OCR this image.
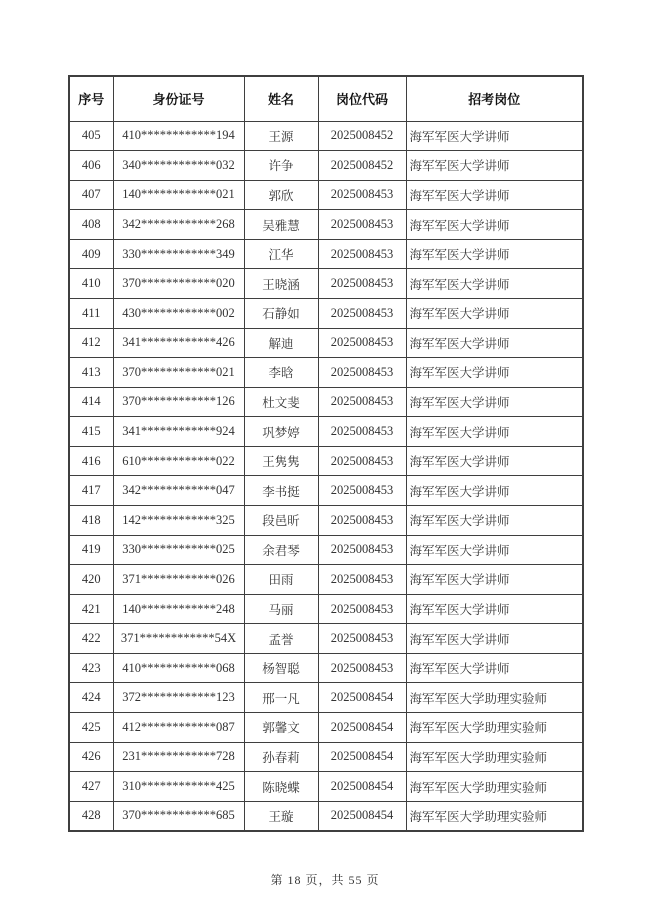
序号	身份证号	姓名	岗位代码	招考岗位
405	410************194	王源	2025008452	海军军医大学讲师
406	340************032	许争	2025008452	海军军医大学讲师
407	140************021	郭欣	2025008453	海军军医大学讲师
408	342************268	吴雅慧	2025008453	海军军医大学讲师
409	330************349	江华	2025008453	海军军医大学讲师
410	370************020	王晓涵	2025008453	海军军医大学讲师
411	430************002	石静如	2025008453	海军军医大学讲师
412	341************426	解迪	2025008453	海军军医大学讲师
413	370************021	李晗	2025008453	海军军医大学讲师
414	370************126	杜文斐	2025008453	海军军医大学讲师
415	341************924	巩梦婷	2025008453	海军军医大学讲师
416	610************022	王隽隽	2025008453	海军军医大学讲师
417	342************047	李书挺	2025008453	海军军医大学讲师
418	142************325	段邑昕	2025008453	海军军医大学讲师
419	330************025	余君琴	2025008453	海军军医大学讲师
420	371************026	田雨	2025008453	海军军医大学讲师
421	140************248	马丽	2025008453	海军军医大学讲师
422	371************54X	孟誉	2025008453	海军军医大学讲师
423	410************068	杨智聪	2025008453	海军军医大学讲师
424	372************123	邢一凡	2025008454	海军军医大学助理实验师
425	412************087	郭馨文	2025008454	海军军医大学助理实验师
426	231************728	孙春莉	2025008454	海军军医大学助理实验师
427	310************425	陈晓蝶	2025008454	海军军医大学助理实验师
428	370************685	王璇	2025008454	海军军医大学助理实验师
第 18 页，共 55 页
